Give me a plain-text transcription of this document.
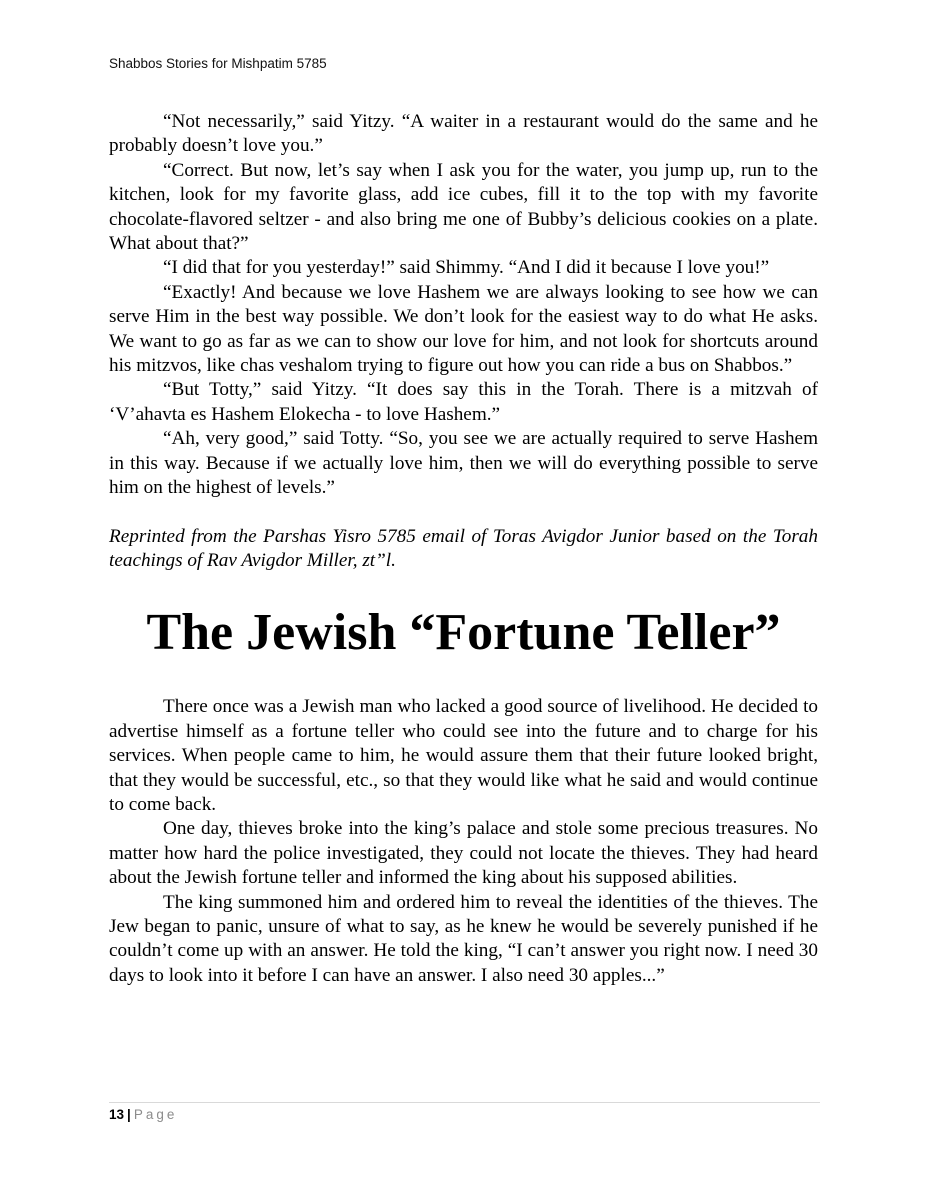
Shabbos Stories for Mishpatim 5785

“Not necessarily,” said Yitzy. “A waiter in a restaurant would do the same and he probably doesn’t love you.”

“Correct. But now, let’s say when I ask you for the water, you jump up, run to the kitchen, look for my favorite glass, add ice cubes, fill it to the top with my favorite chocolate-flavored seltzer - and also bring me one of Bubby’s delicious cookies on a plate. What about that?”

“I did that for you yesterday!” said Shimmy. “And I did it because I love you!”

“Exactly! And because we love Hashem we are always looking to see how we can serve Him in the best way possible. We don’t look for the easiest way to do what He asks. We want to go as far as we can to show our love for him, and not look for shortcuts around his mitzvos, like chas veshalom trying to figure out how you can ride a bus on Shabbos.”

“But Totty,” said Yitzy. “It does say this in the Torah. There is a mitzvah of ‘V’ahavta es Hashem Elokecha - to love Hashem.”

“Ah, very good,” said Totty. “So, you see we are actually required to serve Hashem in this way. Because if we actually love him, then we will do everything possible to serve him on the highest of levels.”

Reprinted from the Parshas Yisro 5785 email of Toras Avigdor Junior based on the Torah teachings of Rav Avigdor Miller, zt”l.

The Jewish “Fortune Teller”

There once was a Jewish man who lacked a good source of livelihood. He decided to advertise himself as a fortune teller who could see into the future and to charge for his services. When people came to him, he would assure them that their future looked bright, that they would be successful, etc., so that they would like what he said and would continue to come back.

One day, thieves broke into the king’s palace and stole some precious treasures. No matter how hard the police investigated, they could not locate the thieves. They had heard about the Jewish fortune teller and informed the king about his supposed abilities.

The king summoned him and ordered him to reveal the identities of the thieves. The Jew began to panic, unsure of what to say, as he knew he would be severely punished if he couldn’t come up with an answer. He told the king, “I can’t answer you right now. I need 30 days to look into it before I can have an answer. I also need 30 apples...”

13 | Page
